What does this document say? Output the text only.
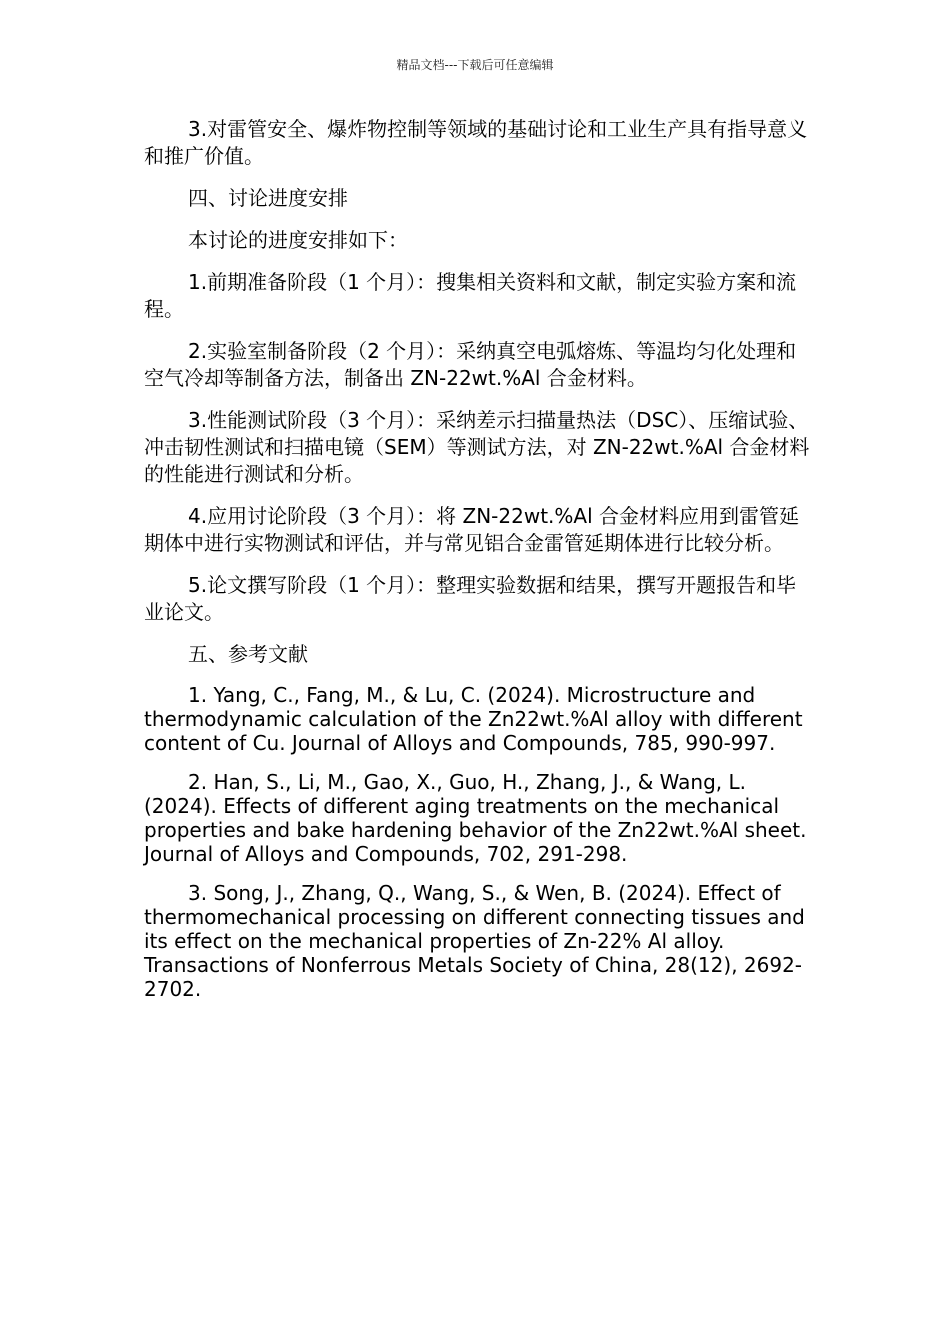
精品文档---下载后可任意编辑

3.对雷管安全、爆炸物控制等领域的基础讨论和工业生产具有指导意义和推广价值。

四、讨论进度安排

本讨论的进度安排如下：

1.前期准备阶段（1 个月）：搜集相关资料和文献，制定实验方案和流程。

2.实验室制备阶段（2 个月）：采纳真空电弧熔炼、等温均匀化处理和空气冷却等制备方法，制备出 ZN-22wt.%Al 合金材料。

3.性能测试阶段（3 个月）：采纳差示扫描量热法（DSC）、压缩试验、冲击韧性测试和扫描电镜（SEM）等测试方法，对 ZN-22wt.%Al 合金材料的性能进行测试和分析。

4.应用讨论阶段（3 个月）：将 ZN-22wt.%Al 合金材料应用到雷管延期体中进行实物测试和评估，并与常见铝合金雷管延期体进行比较分析。

5.论文撰写阶段（1 个月）：整理实验数据和结果，撰写开题报告和毕业论文。

五、参考文献

1. Yang, C., Fang, M., & Lu, C. (2024). Microstructure and thermodynamic calculation of the Zn22wt.%Al alloy with different content of Cu. Journal of Alloys and Compounds, 785, 990-997.

2. Han, S., Li, M., Gao, X., Guo, H., Zhang, J., & Wang, L. (2024). Effects of different aging treatments on the mechanical properties and bake hardening behavior of the Zn22wt.%Al sheet. Journal of Alloys and Compounds, 702, 291-298.

3. Song, J., Zhang, Q., Wang, S., & Wen, B. (2024). Effect of thermomechanical processing on different connecting tissues and its effect on the mechanical properties of Zn-22% Al alloy. Transactions of Nonferrous Metals Society of China, 28(12), 2692-2702.
